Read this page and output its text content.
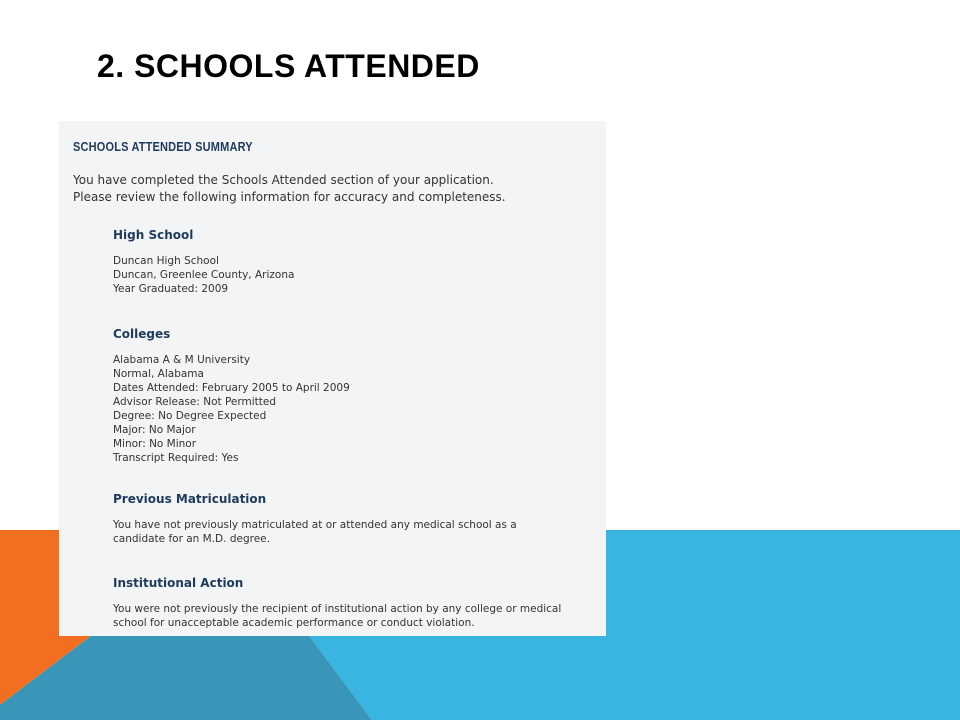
2. SCHOOLS ATTENDED
SCHOOLS ATTENDED SUMMARY

You have completed the Schools Attended section of your application.

Please review the following information for accuracy and completeness.

High School

Duncan High School

Duncan, Greenlee County, Arizona

Year Graduated: 2009

Colleges

Alabama A & M University

Normal, Alabama

Dates Attended: February 2005 to April 2009

Advisor Release: Not Permitted

Degree: No Degree Expected

Major: No Major

Minor: No Minor

Transcript Required: Yes

Previous Matriculation

You have not previously matriculated at or attended any medical school as a

candidate for an M.D. degree.

Institutional Action

You were not previously the recipient of institutional action by any college or medical

school for unacceptable academic performance or conduct violation.
